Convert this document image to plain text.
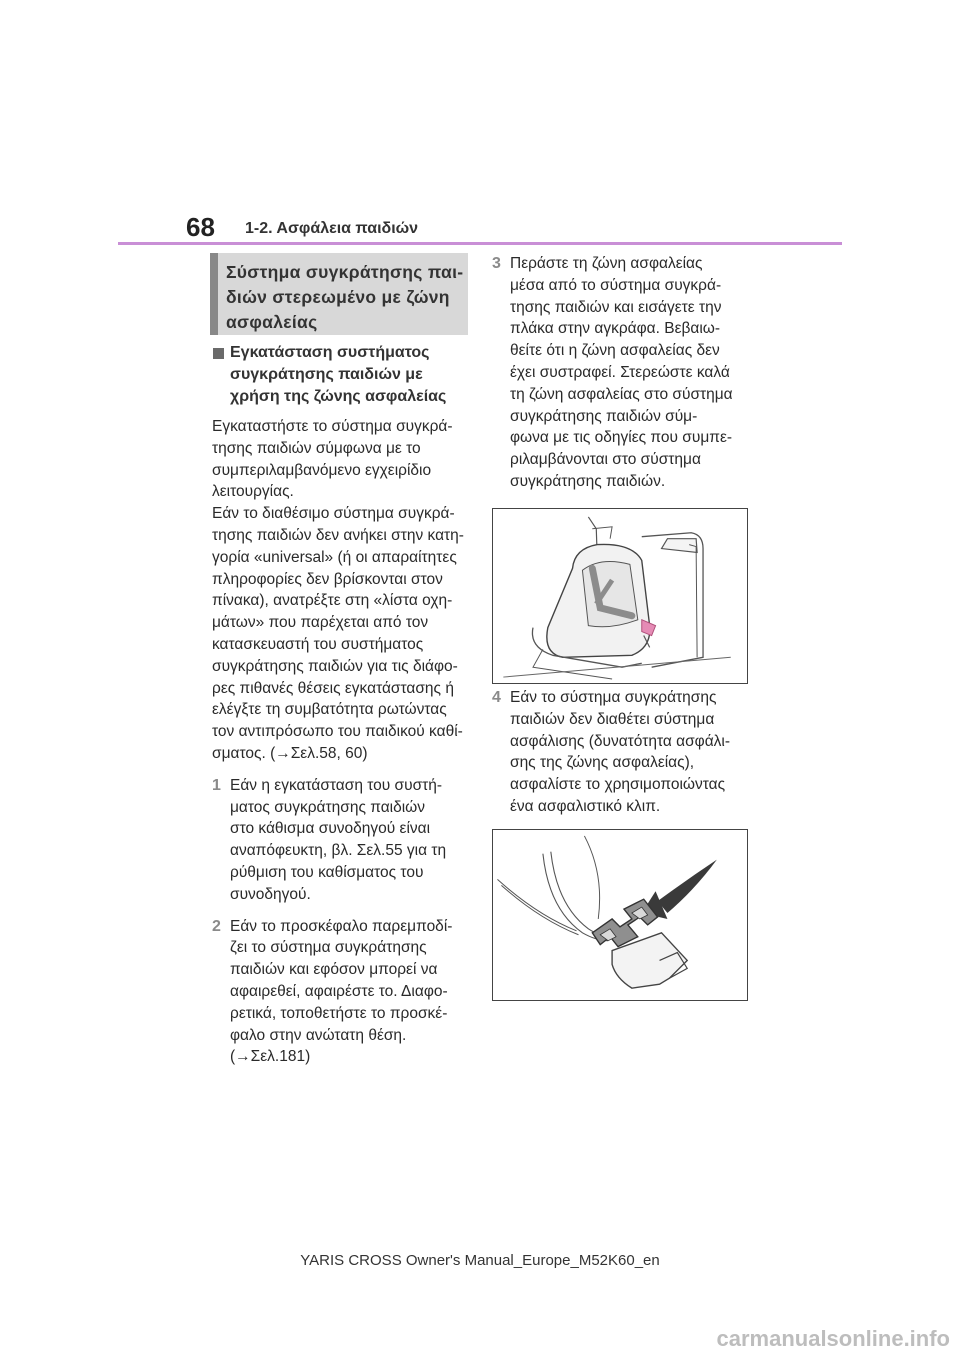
68 1-2. Ασφάλεια παιδιών
Σύστημα συγκράτησης παι-
διών στερεωμένο με ζώνη
ασφαλείας
Εγκατάσταση συστήματος
συγκράτησης παιδιών με
χρήση της ζώνης ασφαλείας
Εγκαταστήστε το σύστημα συγκρά-
τησης παιδιών σύμφωνα με το
συμπεριλαμβανόμενο εγχειρίδιο
λειτουργίας.
Εάν το διαθέσιμο σύστημα συγκρά-
τησης παιδιών δεν ανήκει στην κατη-
γορία «universal» (ή οι απαραίτητες
πληροφορίες δεν βρίσκονται στον
πίνακα), ανατρέξτε στη «λίστα οχη-
μάτων» που παρέχεται από τον
κατασκευαστή του συστήματος
συγκράτησης παιδιών για τις διάφο-
ρες πιθανές θέσεις εγκατάστασης ή
ελέγξτε τη συμβατότητα ρωτώντας
τον αντιπρόσωπο του παιδικού καθί-
σματος. (→Σελ.58, 60)
1 Εάν η εγκατάσταση του συστή-
ματος συγκράτησης παιδιών
στο κάθισμα συνοδηγού είναι
αναπόφευκτη, βλ. Σελ.55 για τη
ρύθμιση του καθίσματος του
συνοδηγού.
2 Εάν το προσκέφαλο παρεμποδί-
ζει το σύστημα συγκράτησης
παιδιών και εφόσον μπορεί να
αφαιρεθεί, αφαιρέστε το. Διαφο-
ρετικά, τοποθετήστε το προσκέ-
φαλο στην ανώτατη θέση.
(→Σελ.181)
3 Περάστε τη ζώνη ασφαλείας
μέσα από το σύστημα συγκρά-
τησης παιδιών και εισάγετε την
πλάκα στην αγκράφα. Βεβαιω-
θείτε ότι η ζώνη ασφαλείας δεν
έχει συστραφεί. Στερεώστε καλά
τη ζώνη ασφαλείας στο σύστημα
συγκράτησης παιδιών σύμ-
φωνα με τις οδηγίες που συμπε-
ριλαμβάνονται στο σύστημα
συγκράτησης παιδιών.
4 Εάν το σύστημα συγκράτησης
παιδιών δεν διαθέτει σύστημα
ασφάλισης (δυνατότητα ασφάλι-
σης της ζώνης ασφαλείας),
ασφαλίστε το χρησιμοποιώντας
ένα ασφαλιστικό κλιπ.
YARIS CROSS Owner's Manual_Europe_M52K60_en
carmanualsonline.info
